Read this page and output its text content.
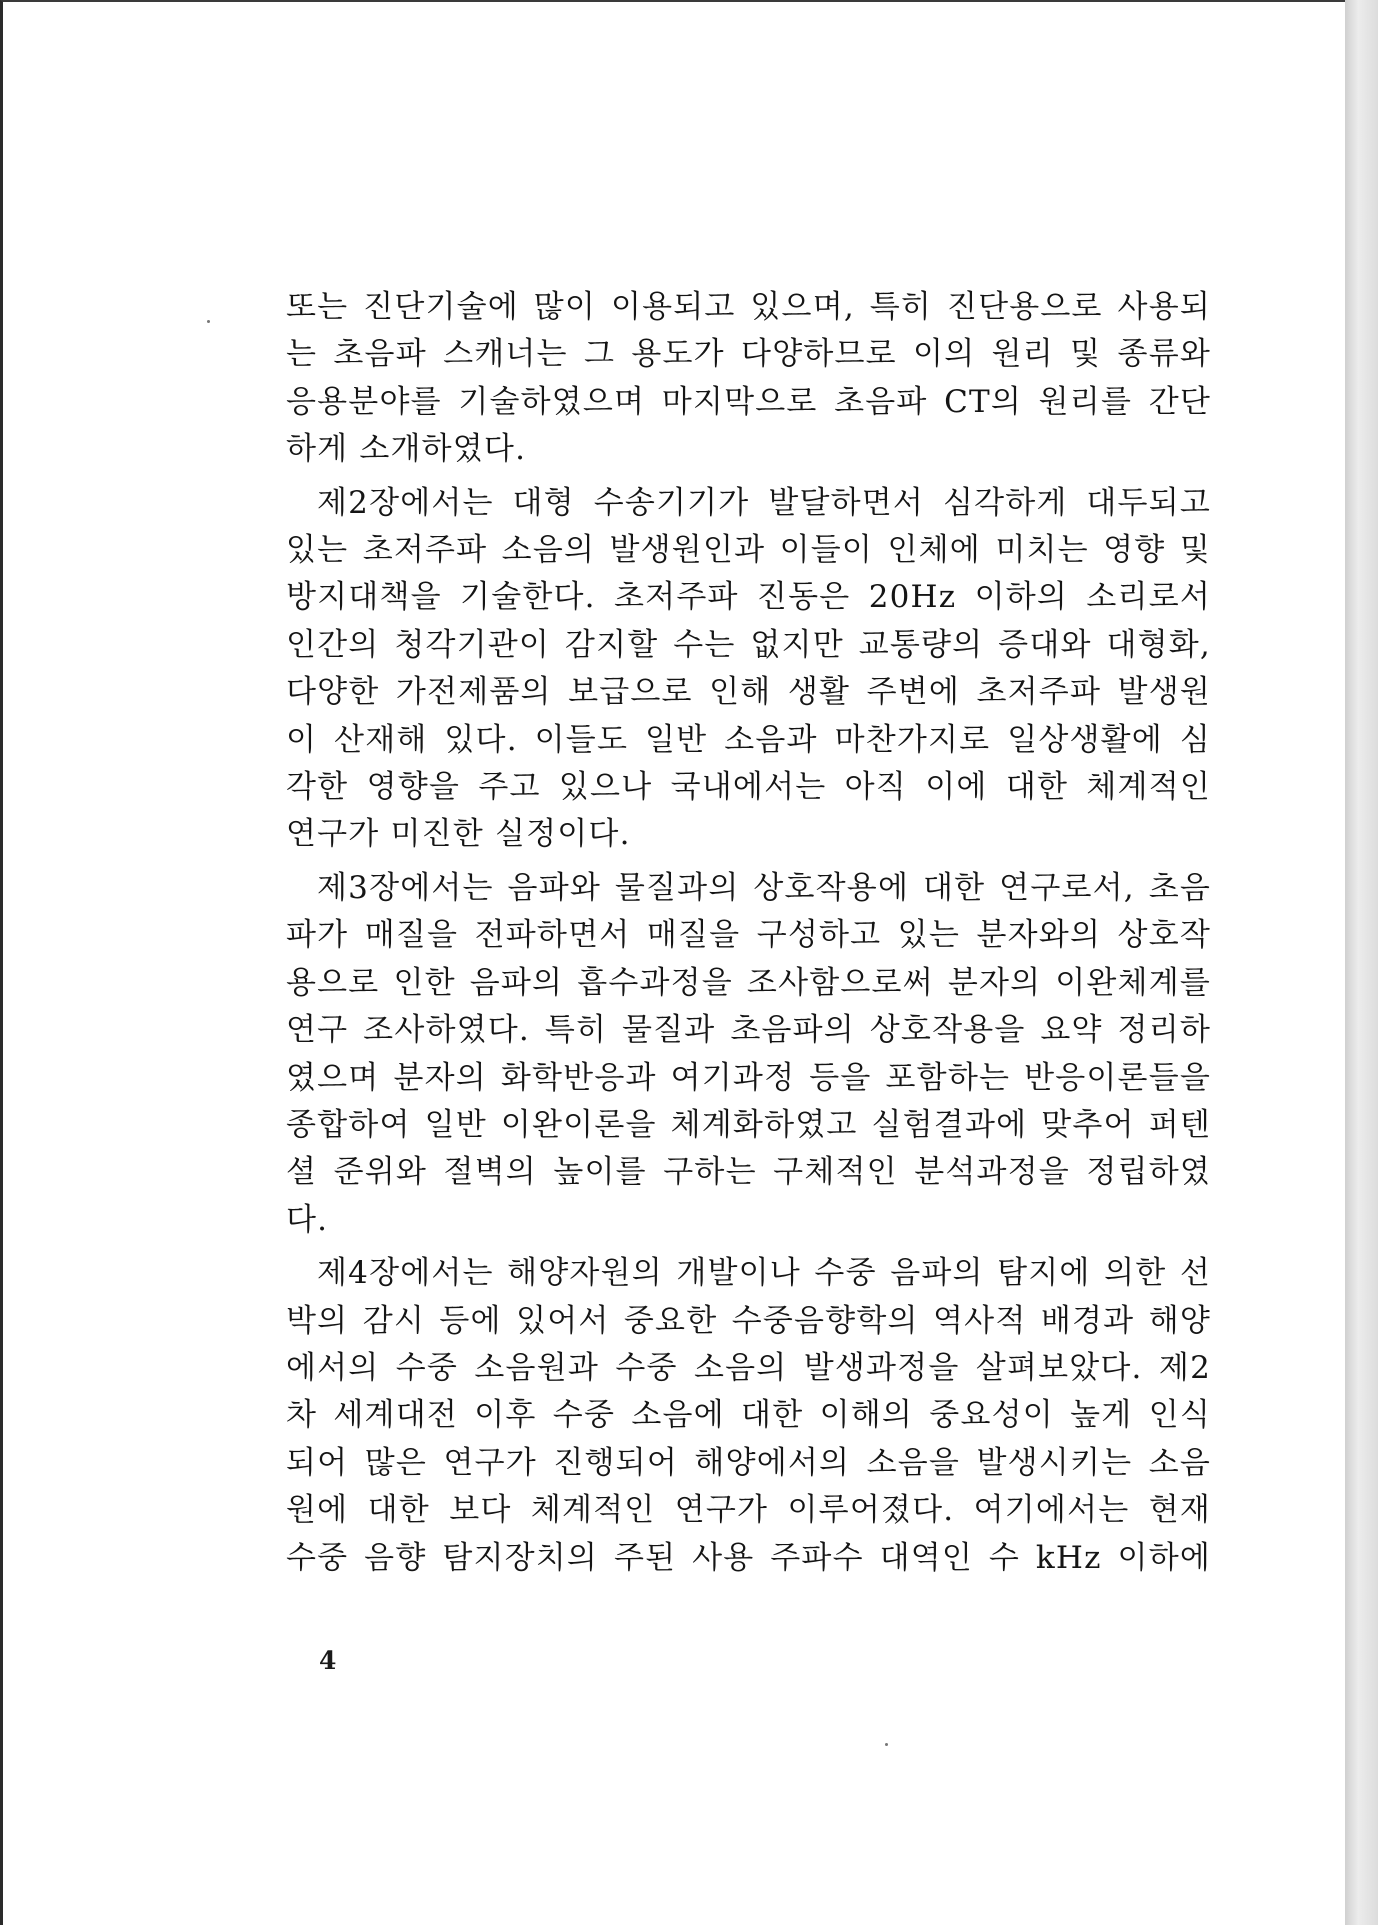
또는 진단기술에 많이 이용되고 있으며, 특히 진단용으로 사용되
는 초음파 스캐너는 그 용도가 다양하므로 이의 원리 및 종류와
응용분야를 기술하였으며 마지막으로 초음파 CT의 원리를 간단
하게 소개하였다.

제2장에서는 대형 수송기기가 발달하면서 심각하게 대두되고
있는 초저주파 소음의 발생원인과 이들이 인체에 미치는 영향 및
방지대책을 기술한다. 초저주파 진동은 20Hz 이하의 소리로서
인간의 청각기관이 감지할 수는 없지만 교통량의 증대와 대형화,
다양한 가전제품의 보급으로 인해 생활 주변에 초저주파 발생원
이 산재해 있다. 이들도 일반 소음과 마찬가지로 일상생활에 심
각한 영향을 주고 있으나 국내에서는 아직 이에 대한 체계적인
연구가 미진한 실정이다.

제3장에서는 음파와 물질과의 상호작용에 대한 연구로서, 초음
파가 매질을 전파하면서 매질을 구성하고 있는 분자와의 상호작
용으로 인한 음파의 흡수과정을 조사함으로써 분자의 이완체계를
연구 조사하였다. 특히 물질과 초음파의 상호작용을 요약 정리하
였으며 분자의 화학반응과 여기과정 등을 포함하는 반응이론들을
종합하여 일반 이완이론을 체계화하였고 실험결과에 맞추어 퍼텐
셜 준위와 절벽의 높이를 구하는 구체적인 분석과정을 정립하였
다.

제4장에서는 해양자원의 개발이나 수중 음파의 탐지에 의한 선
박의 감시 등에 있어서 중요한 수중음향학의 역사적 배경과 해양
에서의 수중 소음원과 수중 소음의 발생과정을 살펴보았다. 제2
차 세계대전 이후 수중 소음에 대한 이해의 중요성이 높게 인식
되어 많은 연구가 진행되어 해양에서의 소음을 발생시키는 소음
원에 대한 보다 체계적인 연구가 이루어졌다. 여기에서는 현재
수중 음향 탐지장치의 주된 사용 주파수 대역인 수 kHz 이하에

4
